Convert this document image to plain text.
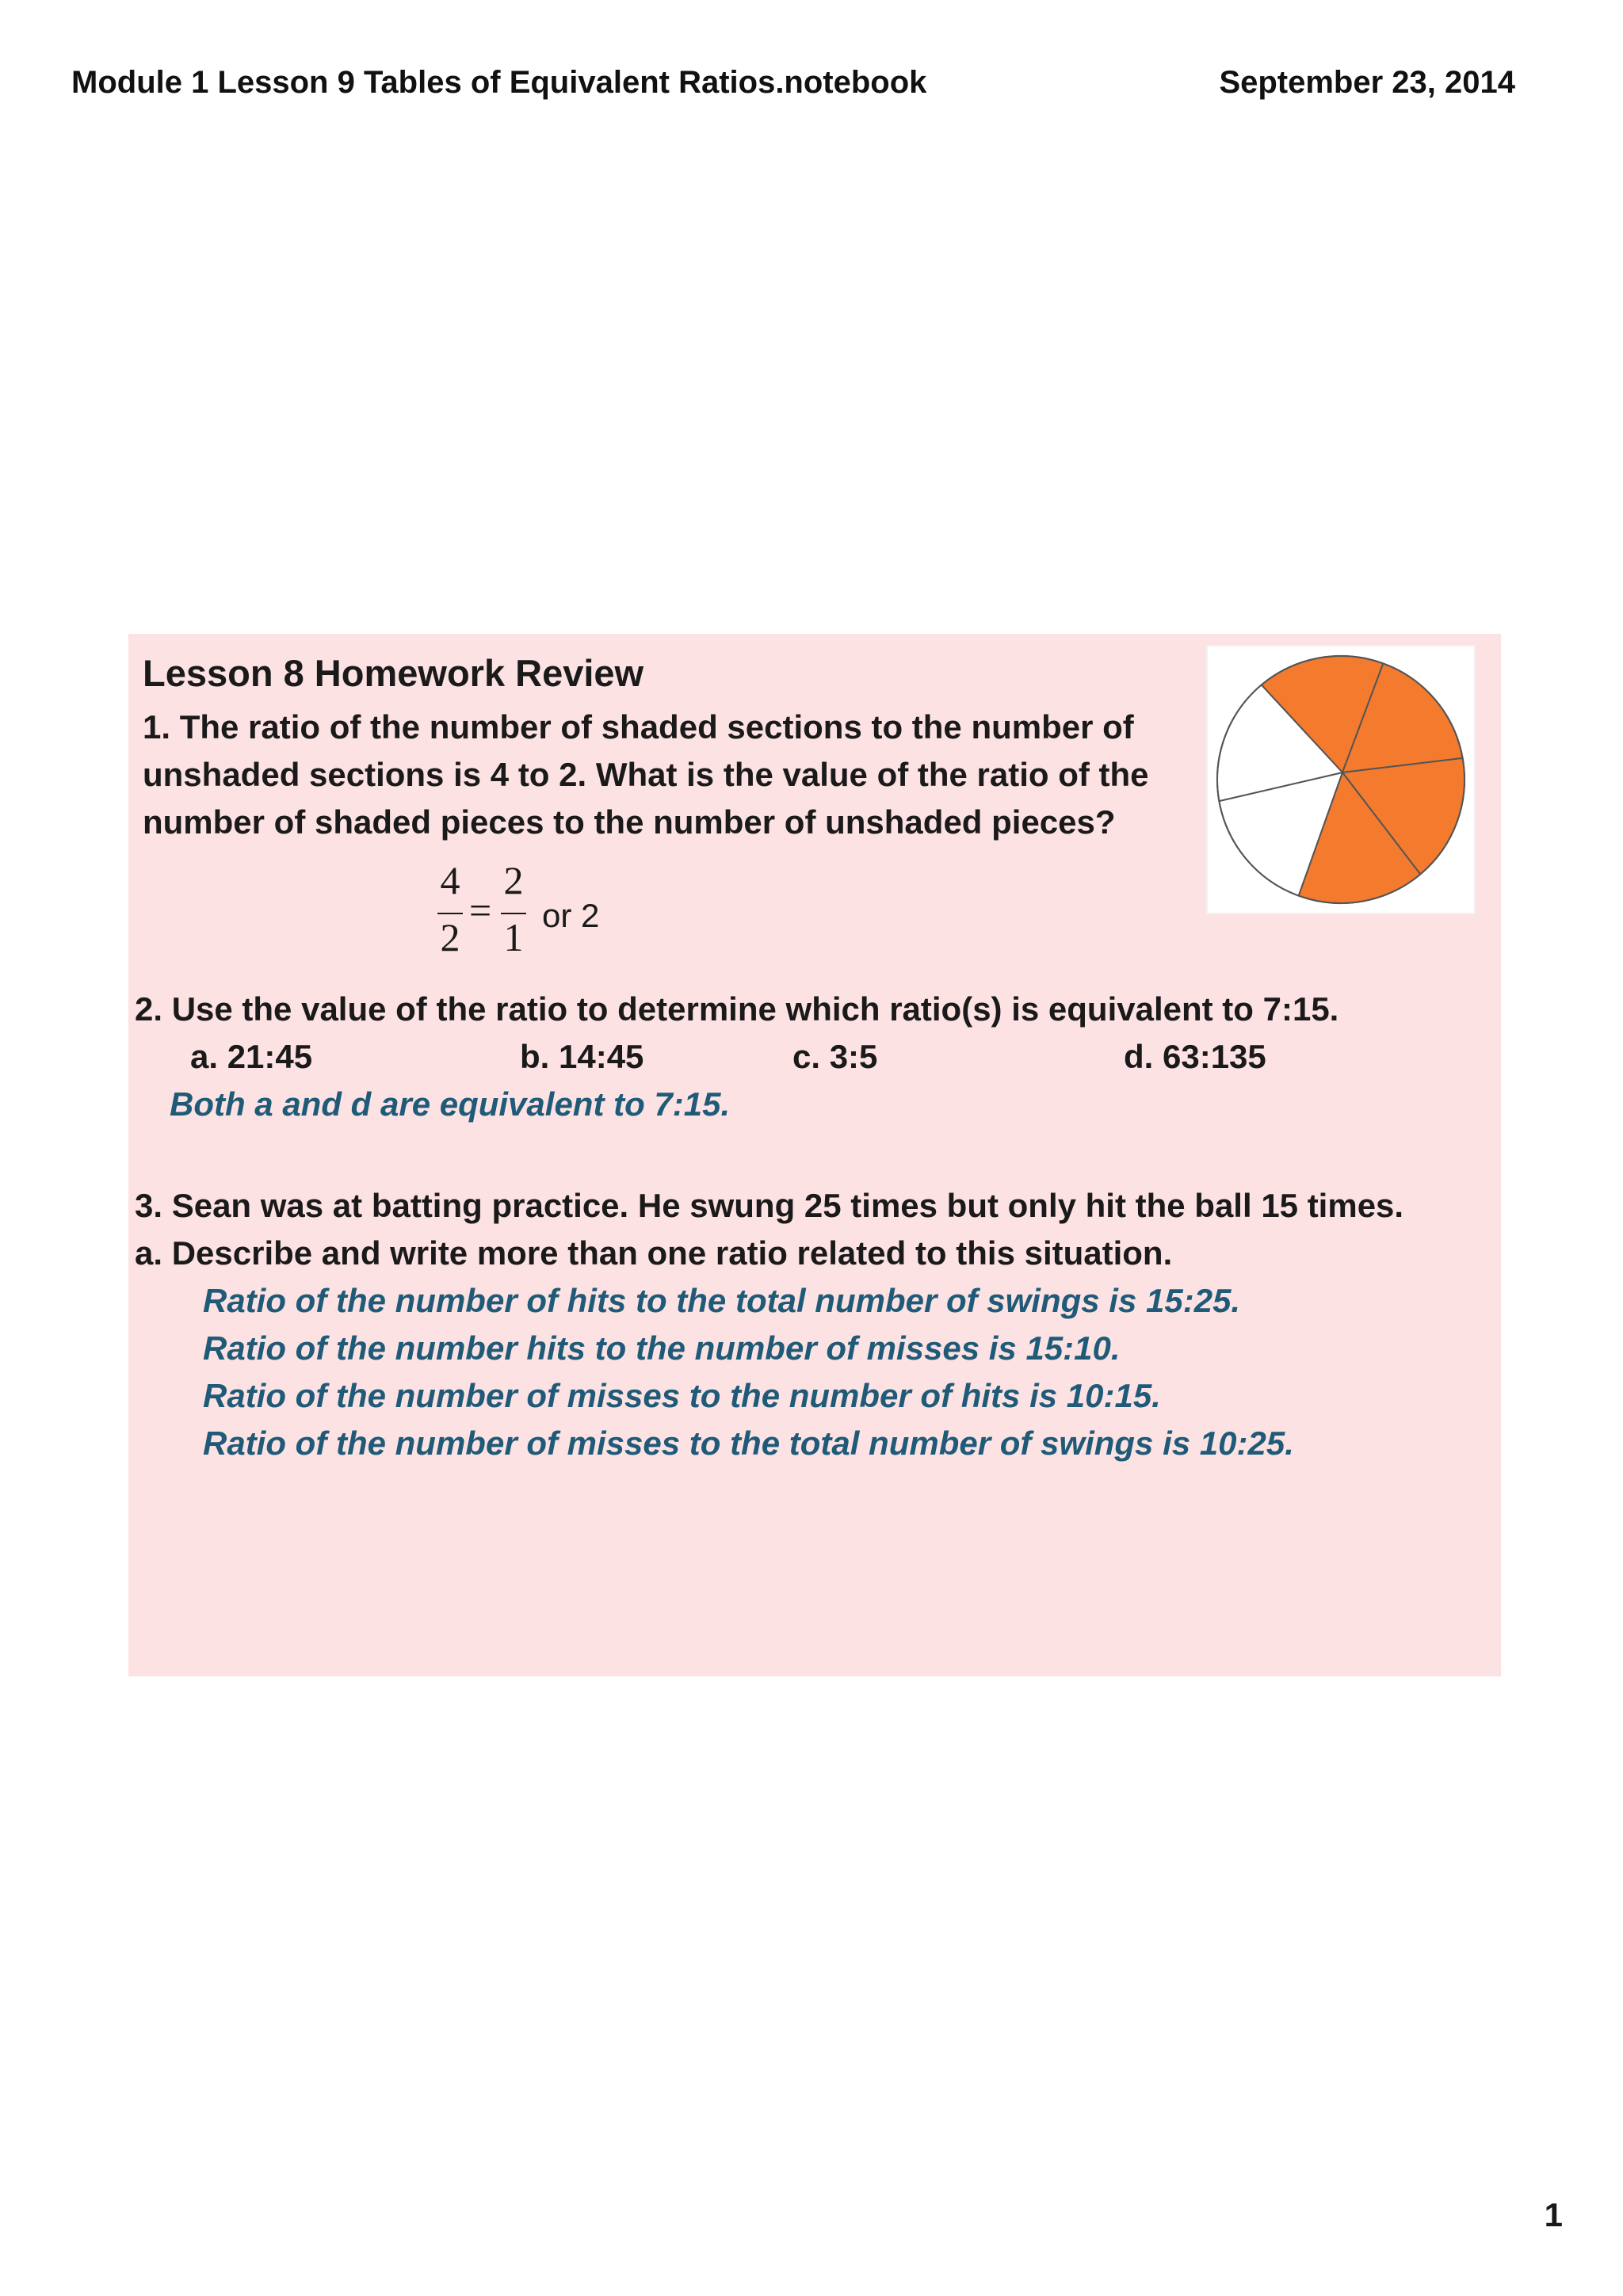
Module 1 Lesson 9 Tables of Equivalent Ratios.notebook	September 23, 2014
Lesson 8 Homework Review
1. The ratio of the number of shaded sections to the number of
unshaded sections is 4 to 2. What is the value of the ratio of the
number of shaded pieces to the number of unshaded pieces?
4
2
=
2
1 or 2
2. Use the value of the ratio to determine which ratio(s) is equivalent to 7:15.
a. 21:45	b. 14:45	c. 3:5	d. 63:135
Both a and d are equivalent to 7:15.
3. Sean was at batting practice. He swung 25 times but only hit the ball 15 times.
a. Describe and write more than one ratio related to this situation.
Ratio of the number of hits to the total number of swings is 15:25.
Ratio of the number hits to the number of misses is 15:10.
Ratio of the number of misses to the number of hits is 10:15.
Ratio of the number of misses to the total number of swings is 10:25.
1
